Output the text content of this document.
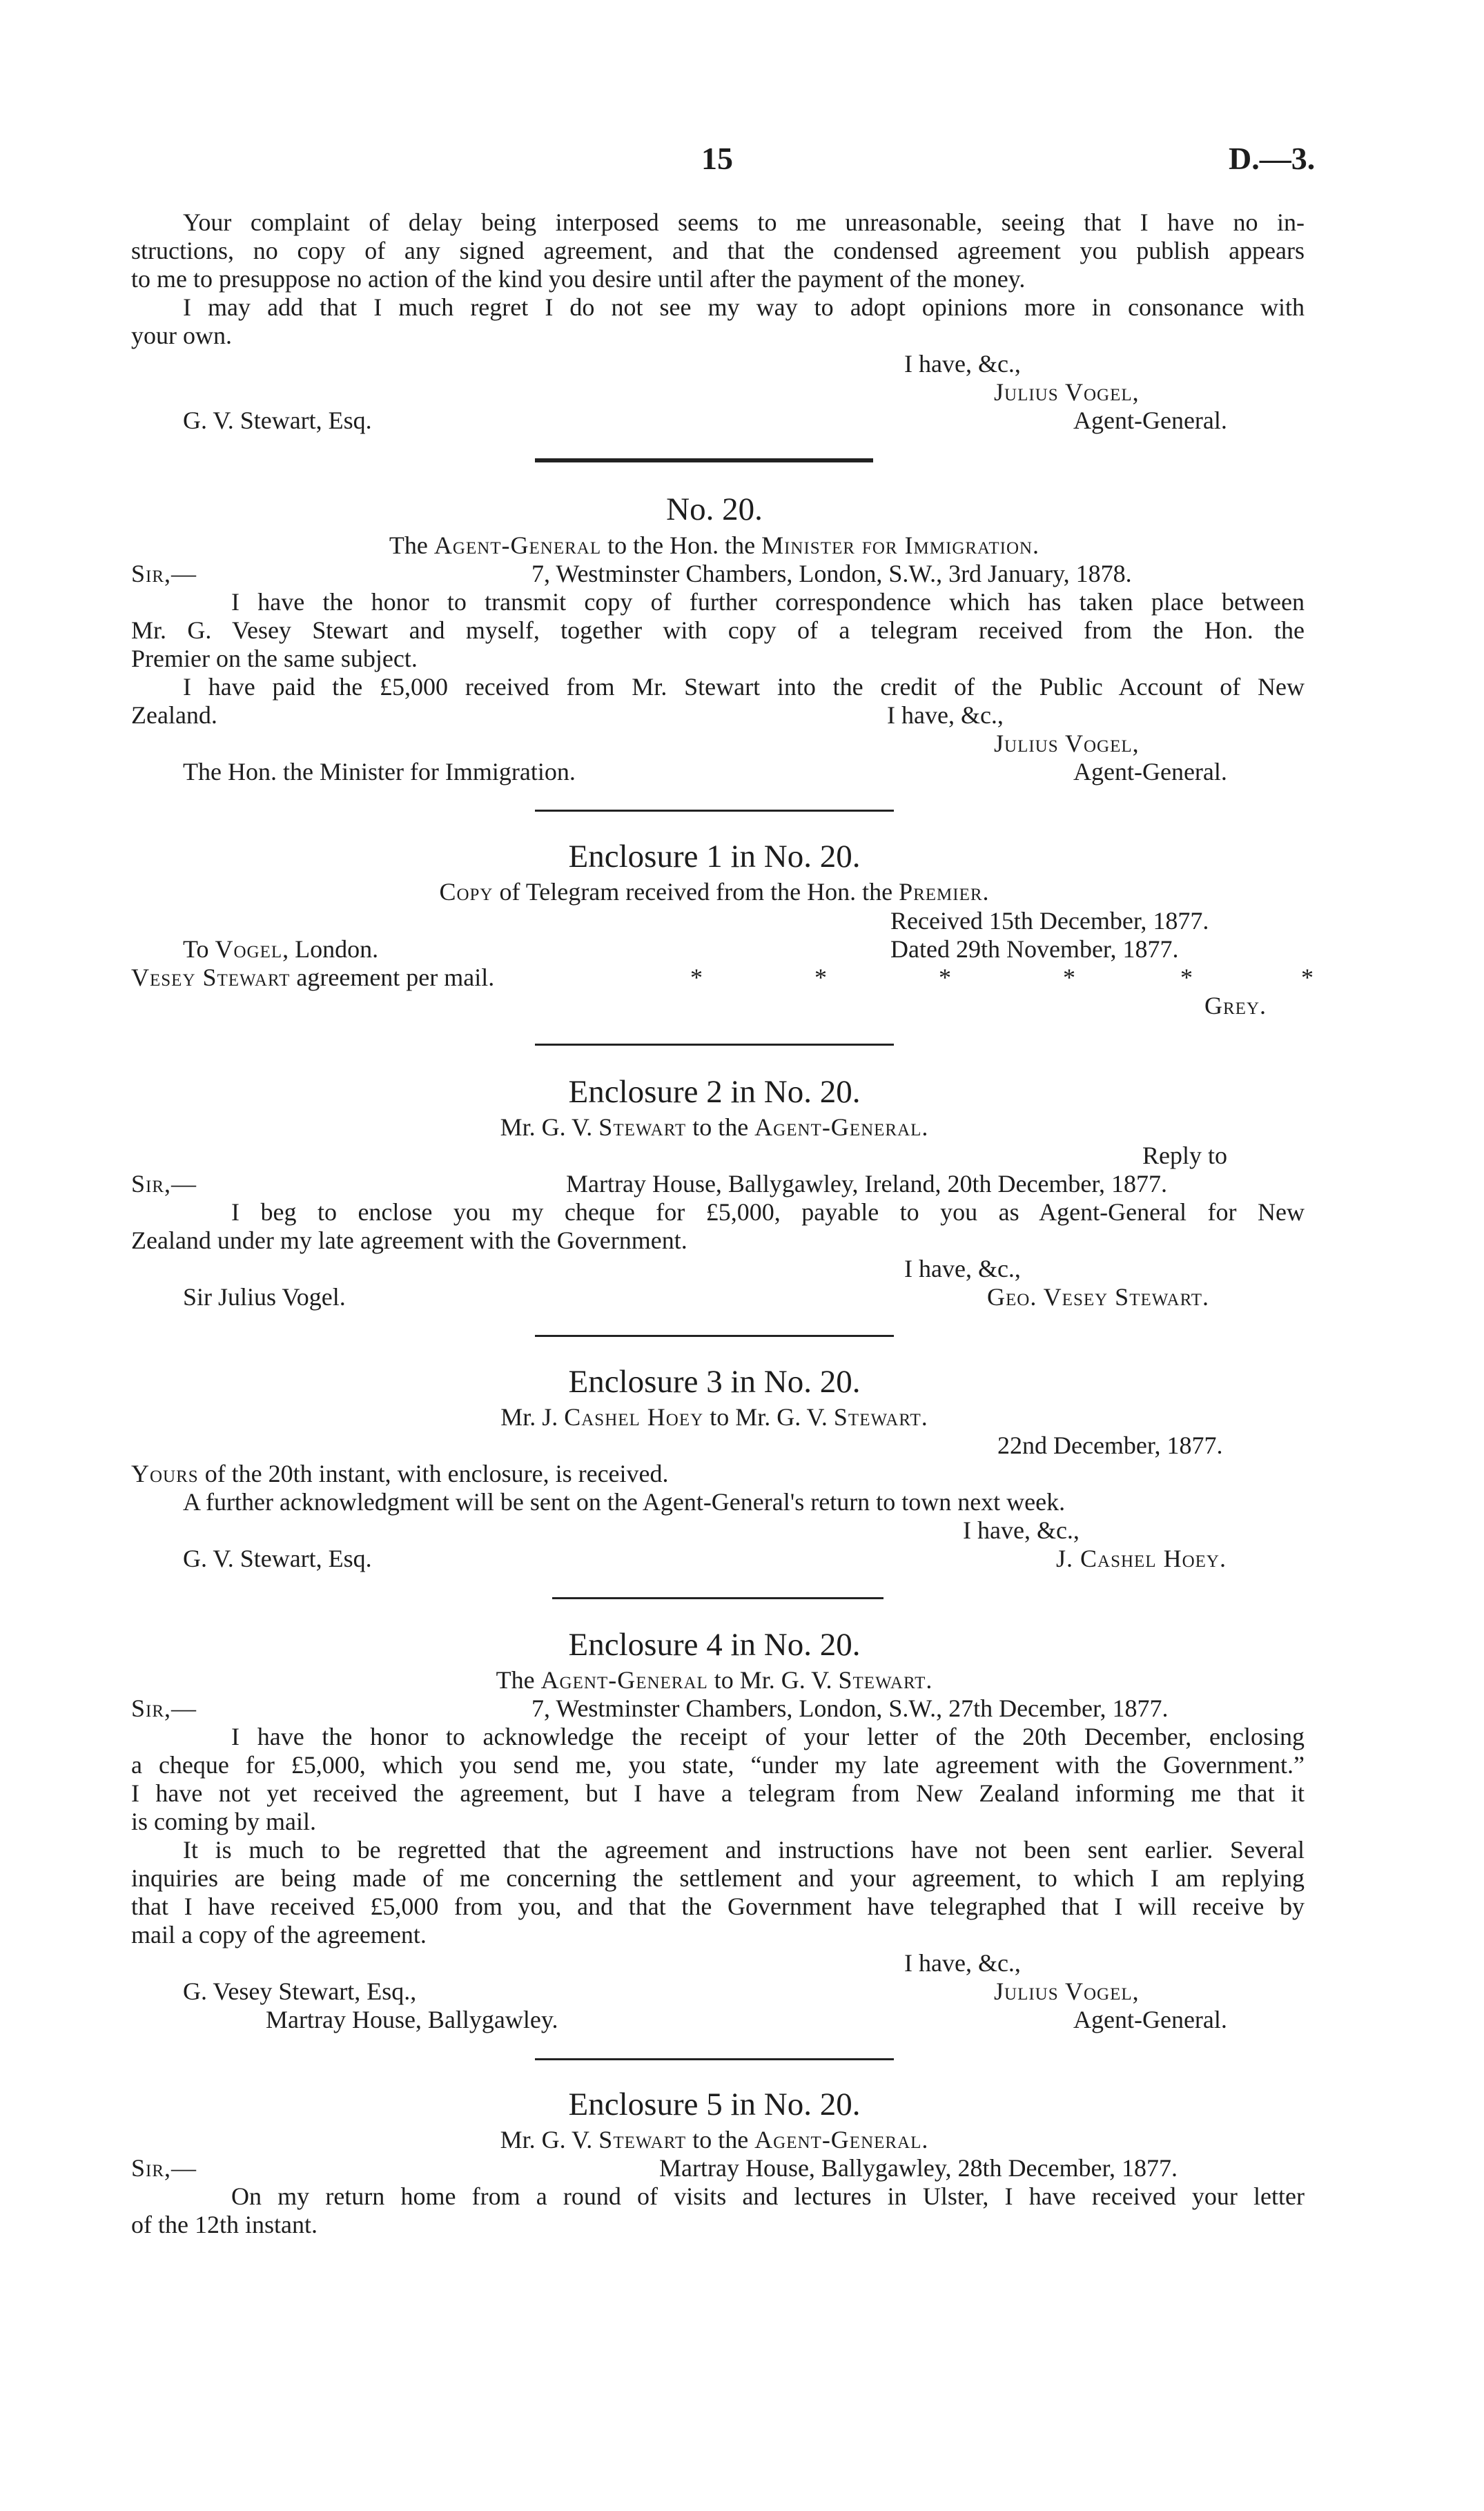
15	D.—3.
Your complaint of delay being interposed seems to me unreasonable, seeing that I have no in-
structions, no copy of any signed agreement, and that the condensed agreement you publish appears
to me to presuppose no action of the kind you desire until after the payment of the money.
I may add that I much regret I do not see my way to adopt opinions more in consonance with
your own.
I have, &c.,
Julius Vogel,
G. V. Stewart, Esq.	Agent-General.
No. 20.
The Agent-General to the Hon. the Minister for Immigration.
Sir,—	7, Westminster Chambers, London, S.W., 3rd January, 1878.
I have the honor to transmit copy of further correspondence which has taken place between
Mr. G. Vesey Stewart and myself, together with copy of a telegram received from the Hon. the
Premier on the same subject.
I have paid the £5,000 received from Mr. Stewart into the credit of the Public Account of New
Zealand.	I have, &c.,
Julius Vogel,
The Hon. the Minister for Immigration.	Agent-General.
Enclosure 1 in No. 20.
Copy of Telegram received from the Hon. the Premier.
Received 15th December, 1877.
To Vogel, London.	Dated 29th November, 1877.
Vesey Stewart agreement per mail.	*	*	*	*	*	*
Grey.
Enclosure 2 in No. 20.
Mr. G. V. Stewart to the Agent-General.
Reply to
Sir,—	Martray House, Ballygawley, Ireland, 20th December, 1877.
I beg to enclose you my cheque for £5,000, payable to you as Agent-General for New
Zealand under my late agreement with the Government.
I have, &c.,
Sir Julius Vogel.	Geo. Vesey Stewart.
Enclosure 3 in No. 20.
Mr. J. Cashel Hoey to Mr. G. V. Stewart.
22nd December, 1877.
Yours of the 20th instant, with enclosure, is received.
A further acknowledgment will be sent on the Agent-General's return to town next week.
I have, &c.,
G. V. Stewart, Esq.	J. Cashel Hoey.
Enclosure 4 in No. 20.
The Agent-General to Mr. G. V. Stewart.
Sir,—	7, Westminster Chambers, London, S.W., 27th December, 1877.
I have the honor to acknowledge the receipt of your letter of the 20th December, enclosing
a cheque for £5,000, which you send me, you state, “under my late agreement with the Government.”
I have not yet received the agreement, but I have a telegram from New Zealand informing me that it
is coming by mail.
It is much to be regretted that the agreement and instructions have not been sent earlier. Several
inquiries are being made of me concerning the settlement and your agreement, to which I am replying
that I have received £5,000 from you, and that the Government have telegraphed that I will receive by
mail a copy of the agreement.
I have, &c.,
G. Vesey Stewart, Esq.,	Julius Vogel,
Martray House, Ballygawley.	Agent-General.
Enclosure 5 in No. 20.
Mr. G. V. Stewart to the Agent-General.
Sir,—	Martray House, Ballygawley, 28th December, 1877.
On my return home from a round of visits and lectures in Ulster, I have received your letter
of the 12th instant.
